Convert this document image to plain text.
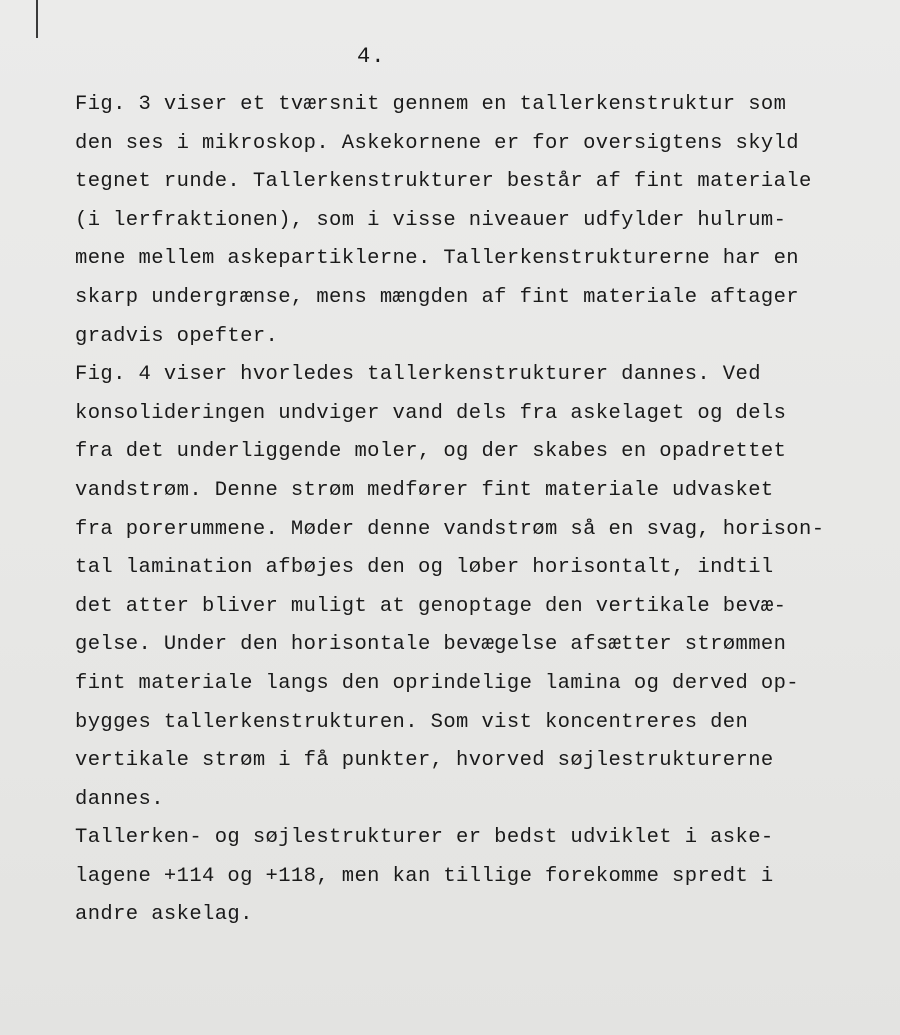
4.
Fig. 3 viser et tværsnit gennem en tallerkenstruktur som
den ses i mikroskop. Askekornene er for oversigtens skyld
tegnet runde. Tallerkenstrukturer består af fint materiale
(i lerfraktionen), som i visse niveauer udfylder hulrum-
mene mellem askepartiklerne. Tallerkenstrukturerne har en
skarp undergrænse, mens mængden af fint materiale aftager
gradvis opefter.
Fig. 4 viser hvorledes tallerkenstrukturer dannes. Ved
konsolideringen undviger vand dels fra askelaget og dels
fra det underliggende moler, og der skabes en opadrettet
vandstrøm. Denne strøm medfører fint materiale udvasket
fra porerummene. Møder denne vandstrøm så en svag, horison-
tal lamination afbøjes den og løber horisontalt, indtil
det atter bliver muligt at genoptage den vertikale bevæ-
gelse. Under den horisontale bevægelse afsætter strømmen
fint materiale langs den oprindelige lamina og derved op-
bygges tallerkenstrukturen. Som vist koncentreres den
vertikale strøm i få punkter, hvorved søjlestrukturerne
dannes.
Tallerken- og søjlestrukturer er bedst udviklet i aske-
lagene +114 og +118, men kan tillige forekomme spredt i
andre askelag.
